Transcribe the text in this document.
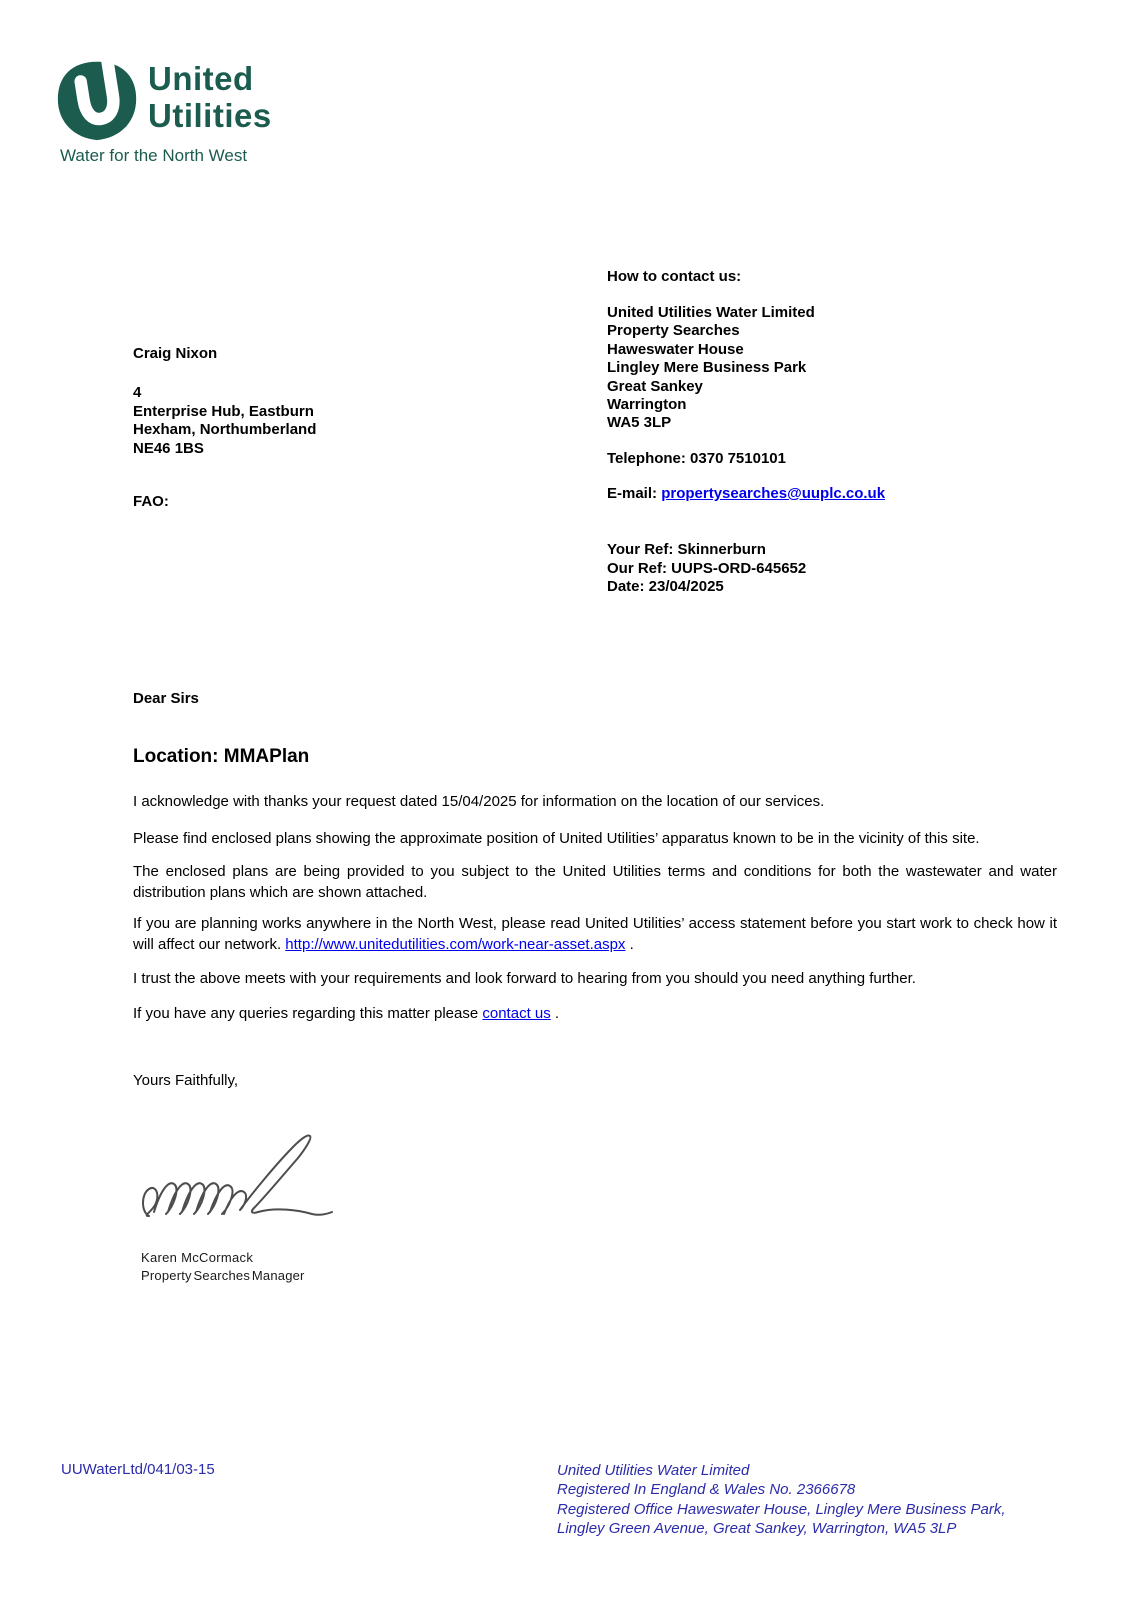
United
Utilities
Water for the North West
Craig Nixon
4
Enterprise Hub, Eastburn
Hexham, Northumberland
NE46 1BS
FAO:
How to contact us:
United Utilities Water Limited
Property Searches
Haweswater House
Lingley Mere Business Park
Great Sankey
Warrington
WA5 3LP
Telephone: 0370 7510101
E-mail: propertysearches@uuplc.co.uk
Your Ref: Skinnerburn
Our Ref: UUPS-ORD-645652
Date: 23/04/2025
Dear Sirs
Location: MMAPlan
I acknowledge with thanks your request dated 15/04/2025 for information on the location of our services.
Please find enclosed plans showing the approximate position of United Utilities’ apparatus known to be in the vicinity of this site.
The enclosed plans are being provided to you subject to the United Utilities terms and conditions for both the wastewater and water distribution plans which are shown attached.
If you are planning works anywhere in the North West, please read United Utilities’ access statement before you start work to check how it will affect our network. http://www.unitedutilities.com/work-near-asset.aspx .
I trust the above meets with your requirements and look forward to hearing from you should you need anything further.
If you have any queries regarding this matter please contact us .
Yours Faithfully,
Karen McCormack
Property Searches Manager
UUWaterLtd/041/03-15	United Utilities Water Limited
Registered In England & Wales No. 2366678
Registered Office Haweswater House, Lingley Mere Business Park,
Lingley Green Avenue, Great Sankey, Warrington, WA5 3LP
